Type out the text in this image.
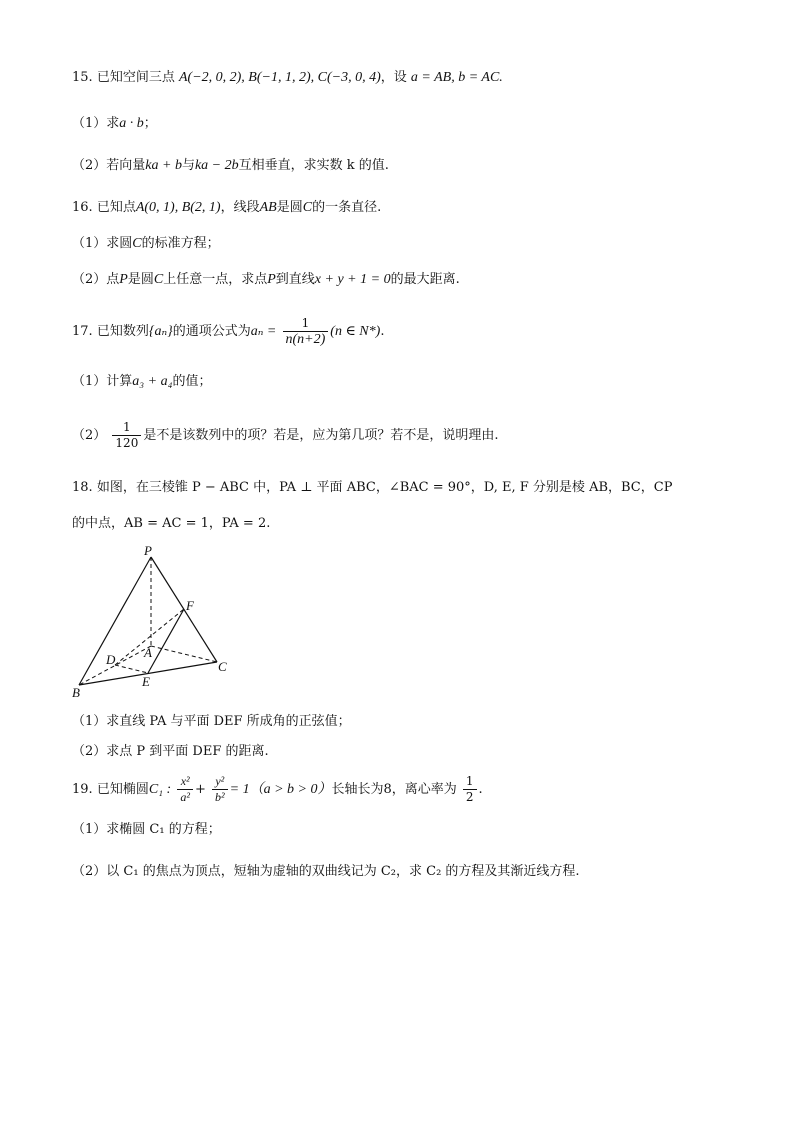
15. 已知空间三点 A(−2, 0, 2), B(−1, 1, 2), C(−3, 0, 4)，设 a = AB, b = AC.
（1）求a · b；
（2）若向量ka + b与ka − 2b互相垂直，求实数 k 的值.
16. 已知点A(0, 1), B(2, 1)，线段AB是圆C的一条直径.
（1）求圆C的标准方程；
（2）点P是圆C上任意一点，求点P到直线x + y + 1 = 0的最大距离.
17. 已知数列{aₙ}的通项公式为$a_n = \frac{1}{n(n+2)} (n$ ∈ N*).
（1）计算a₃ + a₄的值；
$(2) \frac{1}{120}$ 是不是该数列中的项？若是，应为第几项？若不是，说明理由.
18. 如图，在三棱锥 P − ABC 中，PA ⊥ 平面 ABC，∠BAC = 90°，D, E, F 分别是棱 AB，BC，CP
的中点，AB = AC = 1，PA = 2.
P
F
A
D	C
E
B
（1）求直线 PA 与平面 DEF 所成角的正弦值；
（2）求点 P 到平面 DEF 的距离.
19. 已知椭圆C₁ : $\frac{\text{x²}}{\text{a²}} + \frac{\text{y²}}{\text{b²}} = 1(a > b > 0)$长轴长为8，离心率为 $\frac{1}{2}$ .
（1）求椭圆 C₁ 的方程；
（2）以 C₁ 的焦点为顶点，短轴为虚轴的双曲线记为 C₂，求 C₂ 的方程及其渐近线方程.
